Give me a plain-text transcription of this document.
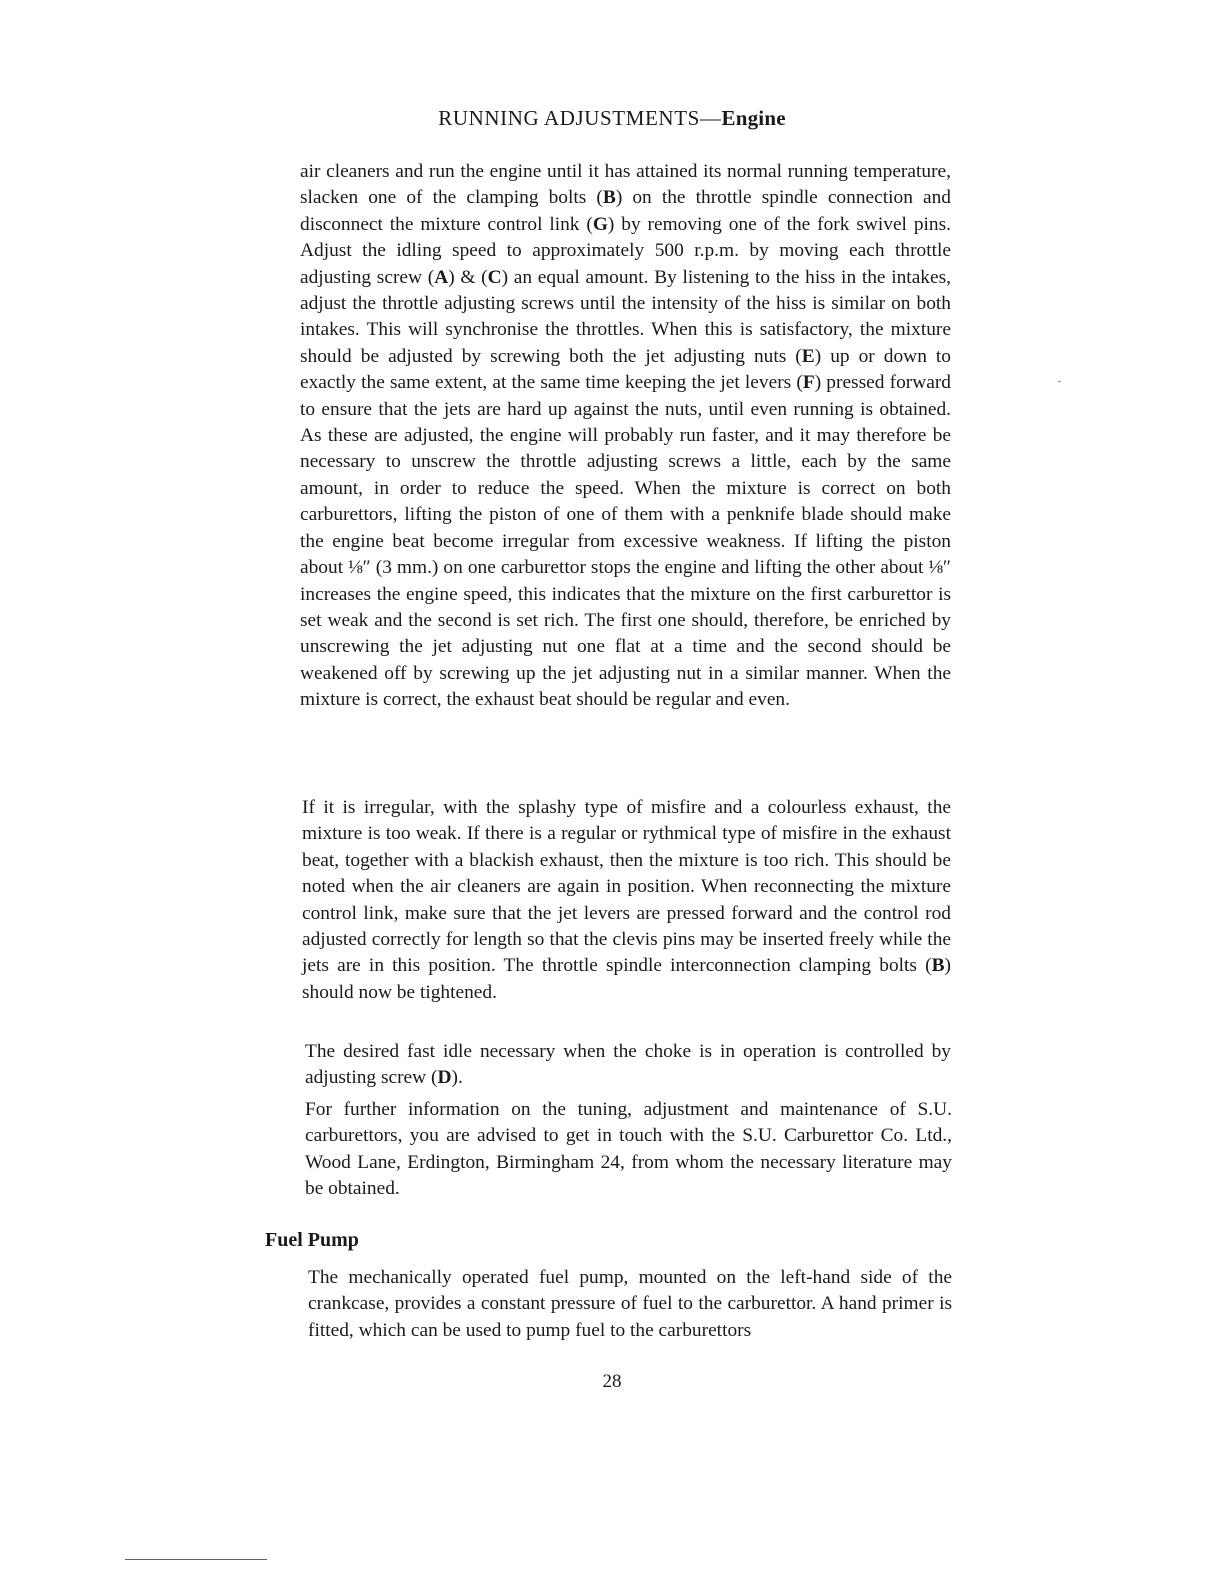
RUNNING ADJUSTMENTS—Engine
air cleaners and run the engine until it has attained its normal running temperature, slacken one of the clamping bolts (B) on the throttle spindle connection and disconnect the mixture control link (G) by removing one of the fork swivel pins. Adjust the idling speed to approximately 500 r.p.m. by moving each throttle adjusting screw (A) & (C) an equal amount. By listening to the hiss in the intakes, adjust the throttle adjusting screws until the intensity of the hiss is similar on both intakes. This will synchronise the throttles. When this is satisfactory, the mixture should be adjusted by screwing both the jet adjusting nuts (E) up or down to exactly the same extent, at the same time keeping the jet levers (F) pressed forward to ensure that the jets are hard up against the nuts, until even running is obtained. As these are adjusted, the engine will probably run faster, and it may therefore be necessary to unscrew the throttle adjusting screws a little, each by the same amount, in order to reduce the speed. When the mixture is correct on both carburettors, lifting the piston of one of them with a penknife blade should make the engine beat become irregular from excessive weakness. If lifting the piston about ⅛″ (3 mm.) on one carburettor stops the engine and lifting the other about ⅛″ increases the engine speed, this indicates that the mixture on the first carburettor is set weak and the second is set rich. The first one should, therefore, be enriched by unscrewing the jet adjusting nut one flat at a time and the second should be weakened off by screwing up the jet adjusting nut in a similar manner. When the mixture is correct, the exhaust beat should be regular and even.
If it is irregular, with the splashy type of misfire and a colourless exhaust, the mixture is too weak. If there is a regular or rythmical type of misfire in the exhaust beat, together with a blackish exhaust, then the mixture is too rich. This should be noted when the air cleaners are again in position. When reconnecting the mixture control link, make sure that the jet levers are pressed forward and the control rod adjusted correctly for length so that the clevis pins may be inserted freely while the jets are in this position. The throttle spindle interconnection clamping bolts (B) should now be tightened.
The desired fast idle necessary when the choke is in operation is controlled by adjusting screw (D).
For further information on the tuning, adjustment and maintenance of S.U. carburettors, you are advised to get in touch with the S.U. Carburettor Co. Ltd., Wood Lane, Erdington, Birmingham 24, from whom the necessary literature may be obtained.
Fuel Pump
The mechanically operated fuel pump, mounted on the left-hand side of the crankcase, provides a constant pressure of fuel to the carburettor. A hand primer is fitted, which can be used to pump fuel to the carburettors
28
